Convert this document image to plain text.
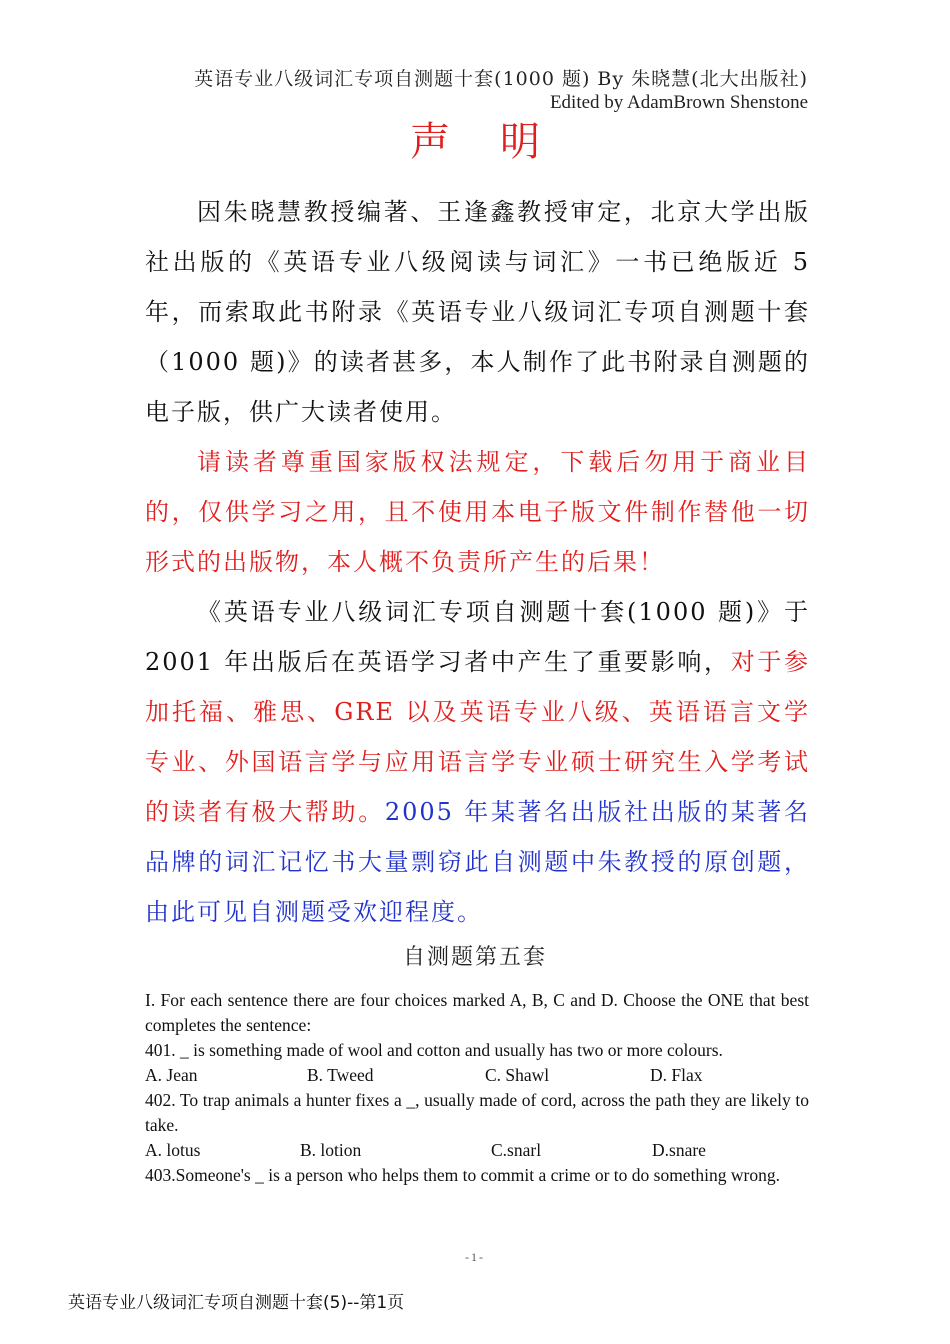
英语专业八级词汇专项自测题十套(1000 题) By 朱晓慧(北大出版社)
Edited by AdamBrown Shenstone
声明

因朱晓慧教授编著、王逢鑫教授审定，北京大学出版社出版的《英语专业八级阅读与词汇》一书已绝版近 5 年，而索取此书附录《英语专业八级词汇专项自测题十套（1000 题)》的读者甚多，本人制作了此书附录自测题的电子版，供广大读者使用。

请读者尊重国家版权法规定，下载后勿用于商业目的，仅供学习之用，且不使用本电子版文件制作替他一切形式的出版物，本人概不负责所产生的后果！

《英语专业八级词汇专项自测题十套(1000 题)》于 2001 年出版后在英语学习者中产生了重要影响，对于参加托福、雅思、GRE 以及英语专业八级、英语语言文学专业、外国语言学与应用语言学专业硕士研究生入学考试的读者有极大帮助。2005 年某著名出版社出版的某著名品牌的词汇记忆书大量剽窃此自测题中朱教授的原创题，由此可见自测题受欢迎程度。

自测题第五套
I. For each sentence there are four choices marked A, B, C and D. Choose the ONE that best completes the sentence:
401. _ is something made of wool and cotton and usually has two or more colours.
A. Jean	B. Tweed	C. Shawl	D. Flax
402. To trap animals a hunter fixes a _, usually made of cord, across the path they are likely to take.
A. lotus	B. lotion	C.snarl	D.snare
403.Someone's _ is a person who helps them to commit a crime or to do something wrong.
-1-
英语专业八级词汇专项自测题十套(5)--第1页
